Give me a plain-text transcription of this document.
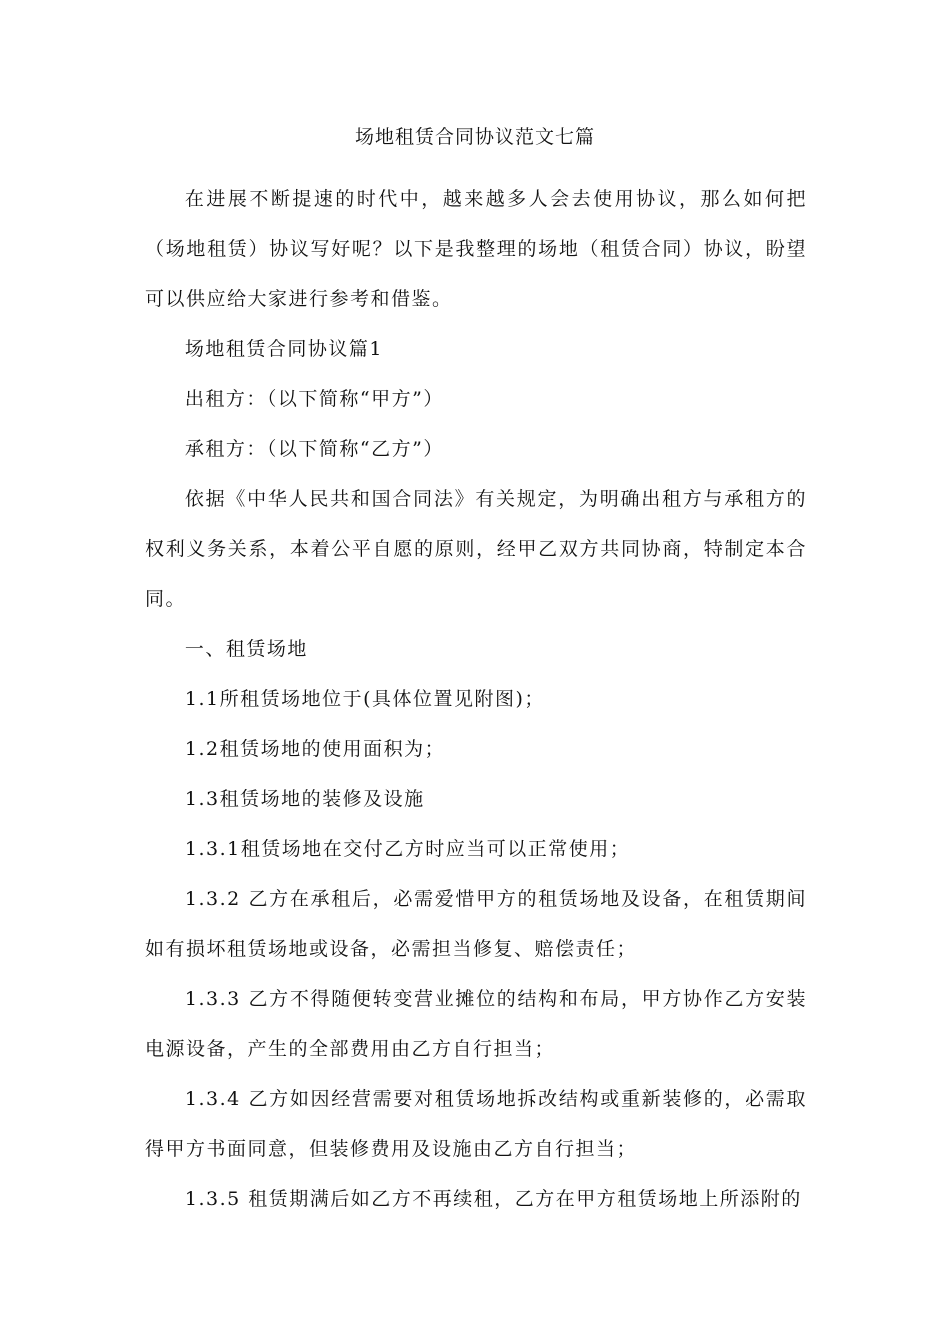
场地租赁合同协议范文七篇

在进展不断提速的时代中，越来越多人会去使用协议，那么如何把（场地租赁）协议写好呢？以下是我整理的场地（租赁合同）协议，盼望可以供应给大家进行参考和借鉴。

场地租赁合同协议篇1

出租方：（以下简称“甲方”）

承租方：（以下简称“乙方”）

依据《中华人民共和国合同法》有关规定，为明确出租方与承租方的权利义务关系，本着公平自愿的原则，经甲乙双方共同协商，特制定本合同。

一、租赁场地

1.1所租赁场地位于(具体位置见附图)；

1.2租赁场地的使用面积为；

1.3租赁场地的装修及设施

1.3.1租赁场地在交付乙方时应当可以正常使用；

1.3.2 乙方在承租后，必需爱惜甲方的租赁场地及设备，在租赁期间如有损坏租赁场地或设备，必需担当修复、赔偿责任；

1.3.3 乙方不得随便转变营业摊位的结构和布局，甲方协作乙方安装电源设备，产生的全部费用由乙方自行担当；

1.3.4 乙方如因经营需要对租赁场地拆改结构或重新装修的，必需取得甲方书面同意，但装修费用及设施由乙方自行担当；

1.3.5 租赁期满后如乙方不再续租，乙方在甲方租赁场地上所添附的
